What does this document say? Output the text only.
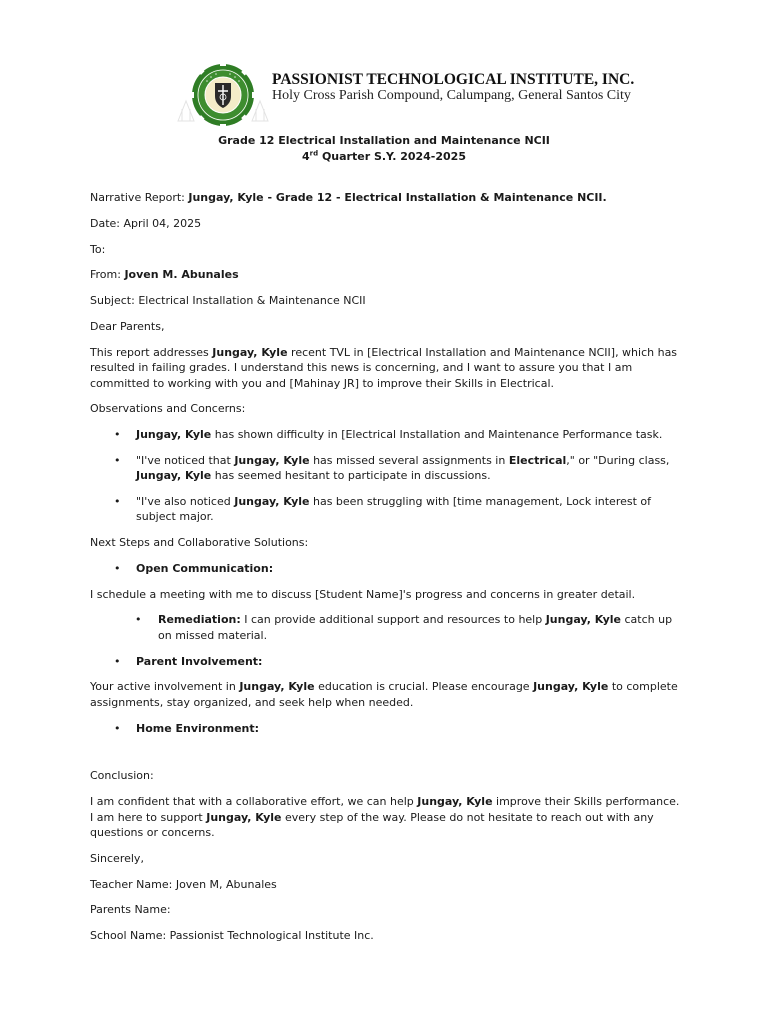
PASSIONIST TECHNOLOGICAL INSTITUTE, INC.
Holy Cross Parish Compound, Calumpang, General Santos City
Grade 12 Electrical Installation and Maintenance NCII
4rd Quarter S.Y. 2024-2025

Narrative Report: Jungay, Kyle - Grade 12 - Electrical Installation & Maintenance NCII.

Date: April 04, 2025

To:

From: Joven M. Abunales

Subject: Electrical Installation & Maintenance NCII

Dear Parents,

This report addresses Jungay, Kyle recent TVL in [Electrical Installation and Maintenance NCII], which has resulted in failing grades. I understand this news is concerning, and I want to assure you that I am committed to working with you and [Mahinay JR] to improve their Skills in Electrical.

Observations and Concerns:

• Jungay, Kyle has shown difficulty in [Electrical Installation and Maintenance Performance task.
• "I've noticed that Jungay, Kyle has missed several assignments in Electrical," or "During class, Jungay, Kyle has seemed hesitant to participate in discussions.
• "I've also noticed Jungay, Kyle has been struggling with [time management, Lock interest of subject major.

Next Steps and Collaborative Solutions:

• Open Communication:

I schedule a meeting with me to discuss [Student Name]'s progress and concerns in greater detail.

• Remediation: I can provide additional support and resources to help Jungay, Kyle catch up on missed material.
• Parent Involvement:

Your active involvement in Jungay, Kyle education is crucial. Please encourage Jungay, Kyle to complete assignments, stay organized, and seek help when needed.

• Home Environment:

Conclusion:

I am confident that with a collaborative effort, we can help Jungay, Kyle improve their Skills performance. I am here to support Jungay, Kyle every step of the way. Please do not hesitate to reach out with any questions or concerns.

Sincerely,

Teacher Name: Joven M, Abunales

Parents Name:

School Name: Passionist Technological Institute Inc.
